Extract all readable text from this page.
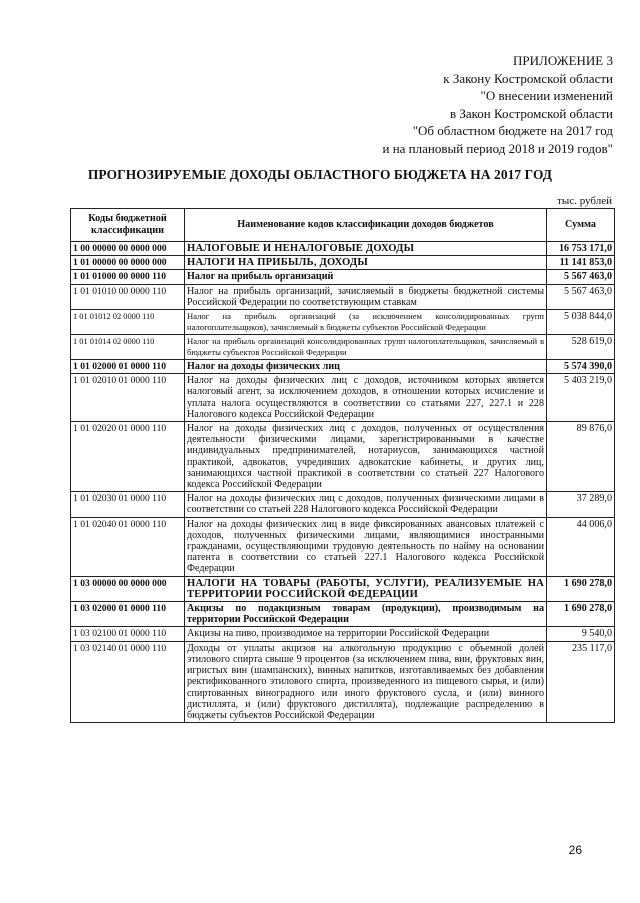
ПРИЛОЖЕНИЕ 3
к Закону Костромской области
"О внесении изменений
в Закон Костромской области
"Об областном бюджете на 2017 год
и на плановый период 2018 и 2019 годов"
ПРОГНОЗИРУЕМЫЕ ДОХОДЫ ОБЛАСТНОГО БЮДЖЕТА НА 2017 ГОД
тыс. рублей
Коды бюджетной классификации	Наименование кодов классификации доходов бюджетов	Сумма
1 00 00000 00 0000 000	НАЛОГОВЫЕ И НЕНАЛОГОВЫЕ ДОХОДЫ	16 753 171,0
1 01 00000 00 0000 000	НАЛОГИ НА ПРИБЫЛЬ, ДОХОДЫ	11 141 853,0
1 01 01000 00 0000 110	Налог на прибыль организаций	5 567 463,0
1 01 01010 00 0000 110	Налог на прибыль организаций, зачисляемый в бюджеты бюджетной системы Российской Федерации по соответствующим ставкам	5 567 463,0
1 01 01012 02 0000 110	Налог на прибыль организаций (за исключением консолидированных групп налогоплательщиков), зачисляемый в бюджеты субъектов Российской Федерации	5 038 844,0
1 01 01014 02 0000 110	Налог на прибыль организаций консолидированных групп налогоплательщиков, зачисляемый в бюджеты субъектов Российской Федерации	528 619,0
1 01 02000 01 0000 110	Налог на доходы физических лиц	5 574 390,0
1 01 02010 01 0000 110	Налог на доходы физических лиц с доходов, источником которых является налоговый агент, за исключением доходов, в отношении которых исчисление и уплата налога осуществляются в соответствии со статьями 227, 227.1 и 228 Налогового кодекса Российской Федерации	5 403 219,0
1 01 02020 01 0000 110	Налог на доходы физических лиц с доходов, полученных от осуществления деятельности физическими лицами, зарегистрированными в качестве индивидуальных предпринимателей, нотариусов, занимающихся частной практикой, адвокатов, учредивших адвокатские кабинеты, и других лиц, занимающихся частной практикой в соответствии со статьей 227 Налогового кодекса Российской Федерации	89 876,0
1 01 02030 01 0000 110	Налог на доходы физических лиц с доходов, полученных физическими лицами в соответствии со статьей 228 Налогового кодекса Российской Федерации	37 289,0
1 01 02040 01 0000 110	Налог на доходы физических лиц в виде фиксированных авансовых платежей с доходов, полученных физическими лицами, являющимися иностранными гражданами, осуществляющими трудовую деятельность по найму на основании патента в соответствии со статьей 227.1 Налогового кодекса Российской Федерации	44 006,0
1 03 00000 00 0000 000	НАЛОГИ НА ТОВАРЫ (РАБОТЫ, УСЛУГИ), РЕАЛИЗУЕМЫЕ НА ТЕРРИТОРИИ РОССИЙСКОЙ ФЕДЕРАЦИИ	1 690 278,0
1 03 02000 01 0000 110	Акцизы по подакцизным товарам (продукции), производимым на территории Российской Федерации	1 690 278,0
1 03 02100 01 0000 110	Акцизы на пиво, производимое на территории Российской Федерации	9 540,0
1 03 02140 01 0000 110	Доходы от уплаты акцизов на алкогольную продукцию с объемной долей этилового спирта свыше 9 процентов (за исключением пива, вин, фруктовых вин, игристых вин (шампанских), винных напитков, изготавливаемых без добавления ректификованного этилового спирта, произведенного из пищевого сырья, и (или) спиртованных виноградного или иного фруктового сусла, и (или) винного дистиллята, и (или) фруктового дистиллята), подлежащие распределению в бюджеты субъектов Российской Федерации	235 117,0
26
